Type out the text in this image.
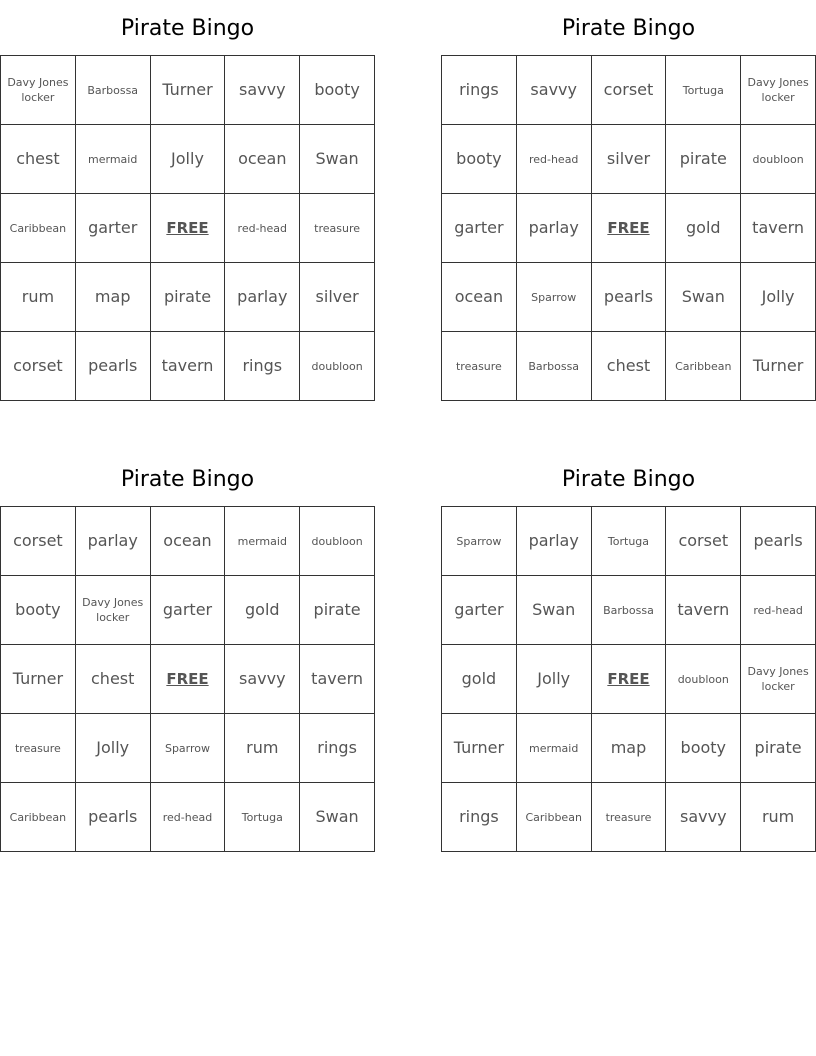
Pirate Bingo
Davy Jones locker	Barbossa	Turner	savvy	booty
chest	mermaid	Jolly	ocean	Swan
Caribbean	garter	FREE	red-head	treasure
rum	map	pirate	parlay	silver
corset	pearls	tavern	rings	doubloon
Pirate Bingo
rings	savvy	corset	Tortuga	Davy Jones locker
booty	red-head	silver	pirate	doubloon
garter	parlay	FREE	gold	tavern
ocean	Sparrow	pearls	Swan	Jolly
treasure	Barbossa	chest	Caribbean	Turner
Pirate Bingo
corset	parlay	ocean	mermaid	doubloon
booty	Davy Jones locker	garter	gold	pirate
Turner	chest	FREE	savvy	tavern
treasure	Jolly	Sparrow	rum	rings
Caribbean	pearls	red-head	Tortuga	Swan
Pirate Bingo
Sparrow	parlay	Tortuga	corset	pearls
garter	Swan	Barbossa	tavern	red-head
gold	Jolly	FREE	doubloon	Davy Jones locker
Turner	mermaid	map	booty	pirate
rings	Caribbean	treasure	savvy	rum
